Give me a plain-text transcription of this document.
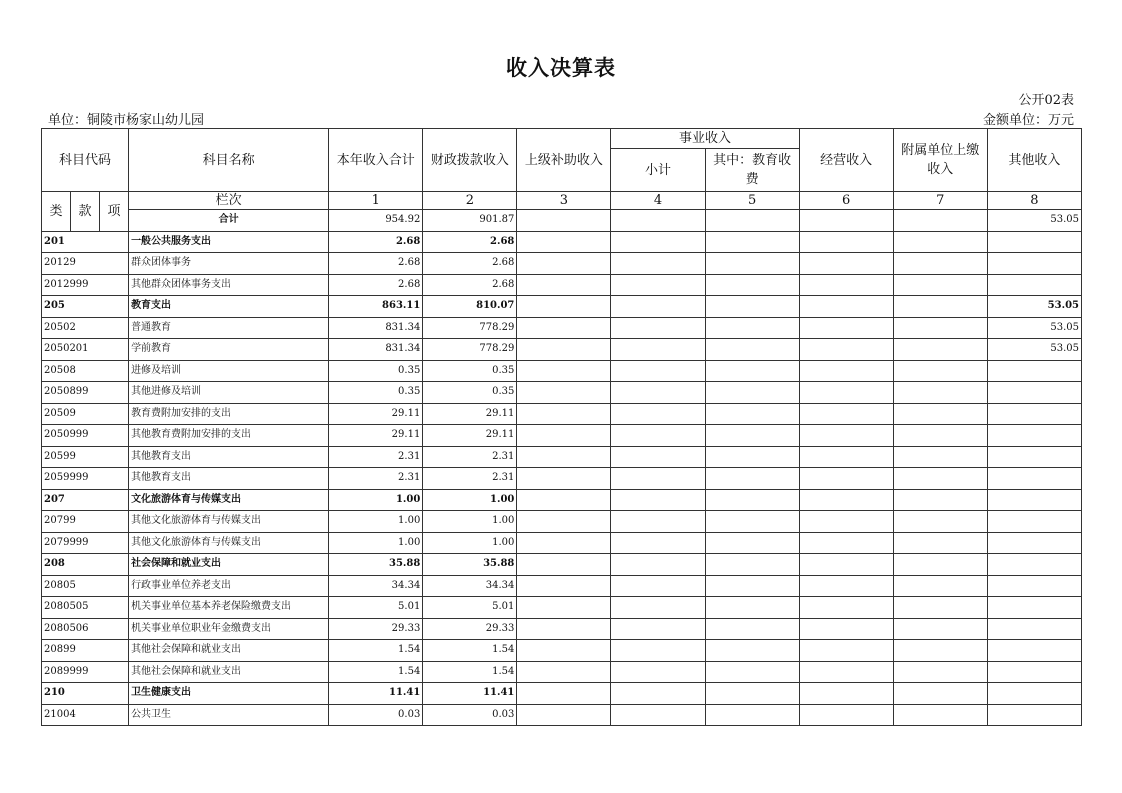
收入决算表
公开02表
单位：铜陵市杨家山幼儿园	金额单位：万元
科目代码			科目名称	本年收入合计	财政拨款收入	上级补助收入	事业收入		经营收入	附属单位上缴收入	其他收入
							小计	其中：教育收费			
类	款	项	栏次	1	2	3	4	5	6	7	8
			合计	954.92	901.87						53.05
201			一般公共服务支出	2.68	2.68						
20129			群众团体事务	2.68	2.68						
2012999			其他群众团体事务支出	2.68	2.68						
205			教育支出	863.11	810.07						53.05
20502			普通教育	831.34	778.29						53.05
2050201			学前教育	831.34	778.29						53.05
20508			进修及培训	0.35	0.35						
2050899			其他进修及培训	0.35	0.35						
20509			教育费附加安排的支出	29.11	29.11						
2050999			其他教育费附加安排的支出	29.11	29.11						
20599			其他教育支出	2.31	2.31						
2059999			其他教育支出	2.31	2.31						
207			文化旅游体育与传媒支出	1.00	1.00						
20799			其他文化旅游体育与传媒支出	1.00	1.00						
2079999			其他文化旅游体育与传媒支出	1.00	1.00						
208			社会保障和就业支出	35.88	35.88						
20805			行政事业单位养老支出	34.34	34.34						
2080505			机关事业单位基本养老保险缴费支出	5.01	5.01						
2080506			机关事业单位职业年金缴费支出	29.33	29.33						
20899			其他社会保障和就业支出	1.54	1.54						
2089999			其他社会保障和就业支出	1.54	1.54						
210			卫生健康支出	11.41	11.41						
21004			公共卫生	0.03	0.03						
